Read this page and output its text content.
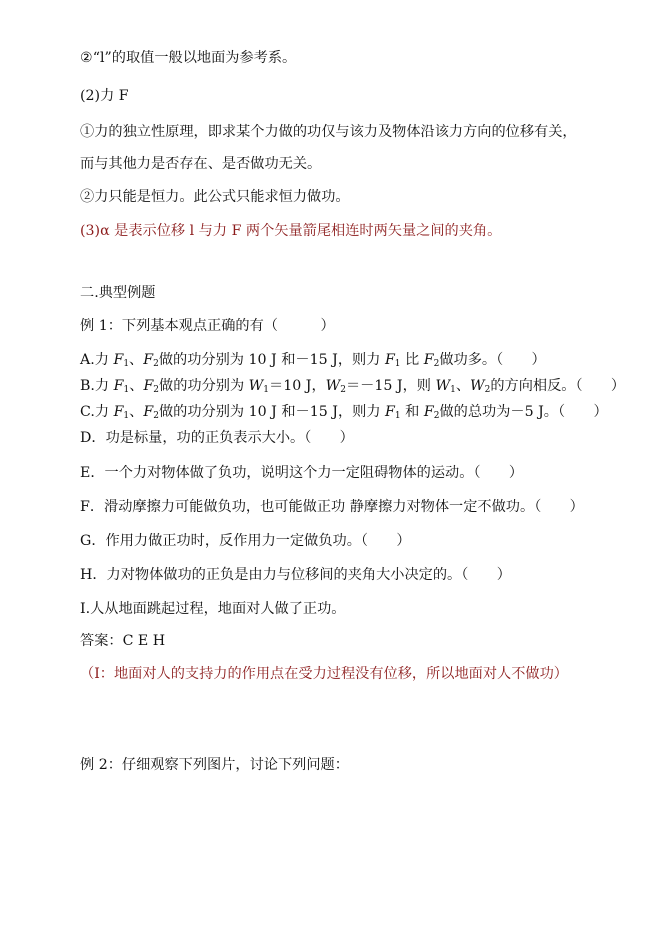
②“l”的取值一般以地面为参考系。
(2)力 F
①力的独立性原理，即求某个力做的功仅与该力及物体沿该力方向的位移有关，
而与其他力是否存在、是否做功无关。
②力只能是恒力。此公式只能求恒力做功。
(3)α 是表示位移 l 与力 F 两个矢量箭尾相连时两矢量之间的夹角。
二.典型例题
例 1：下列基本观点正确的有（　　　）
A.力 $F_1$、$F_2$做的功分别为 10 J 和－15 J，则力 $F_1$ 比 $F_2$做功多。（　　）
B.力 $F_1$、$F_2$做的功分别为 $W_1=10$ J，$W_2=-15$ J，则 $W_1$、$W_2$的方向相反。（　　）
C.力 $F_1$、$F_2$做的功分别为 10 J 和－15 J，则力 $F_1$ 和 $F_2$做的总功为－5 J。（　　）
D．功是标量，功的正负表示大小。（　　）
E．一个力对物体做了负功，说明这个力一定阻碍物体的运动。（　　）
F．滑动摩擦力可能做负功，也可能做正功 静摩擦力对物体一定不做功。（　　）
G．作用力做正功时，反作用力一定做负功。（　　）
H．力对物体做功的正负是由力与位移间的夹角大小决定的。（　　）
I.人从地面跳起过程，地面对人做了正功。
答案：C E H
（I：地面对人的支持力的作用点在受力过程没有位移，所以地面对人不做功）
例 2：仔细观察下列图片，讨论下列问题：
